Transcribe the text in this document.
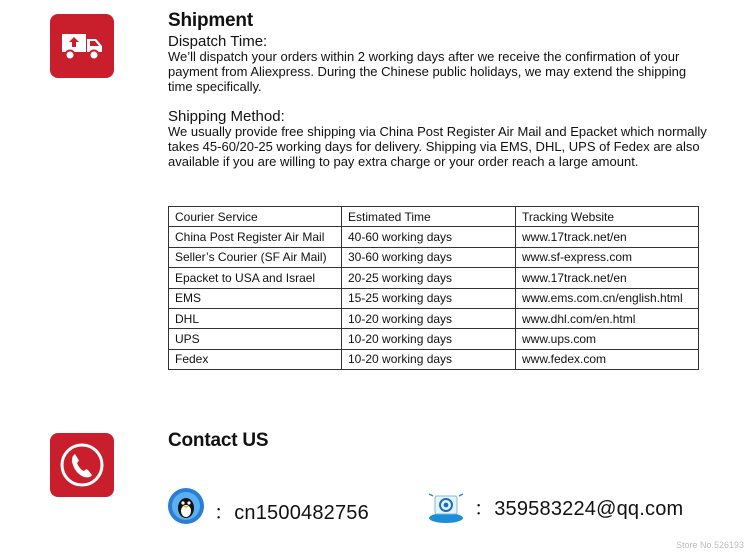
Shipment
Dispatch Time:
We’ll dispatch your orders within 2 working days after we receive the confirmation of your payment from Aliexpress. During the Chinese public holidays, we may extend the shipping time specifically.
Shipping Method:
We usually provide free shipping via China Post Register Air Mail and Epacket which normally takes 45-60/20-25 working days for delivery. Shipping via EMS, DHL, UPS of Fedex are also available if you are willing to pay extra charge or your order reach a large amount.
Courier Service	Estimated Time	Tracking Website
China Post Register Air Mail	40-60 working days	www.17track.net/en
Seller’s Courier (SF Air Mail)	30-60 working days	www.sf-express.com
Epacket to USA and Israel	20-25 working days	www.17track.net/en
EMS	15-25 working days	www.ems.com.cn/english.html
DHL	10-20 working days	www.dhl.com/en.html
UPS	10-20 working days	www.ups.com
Fedex	10-20 working days	www.fedex.com
Contact US
：cn1500482756	：359583224@qq.com
Store No.526193
